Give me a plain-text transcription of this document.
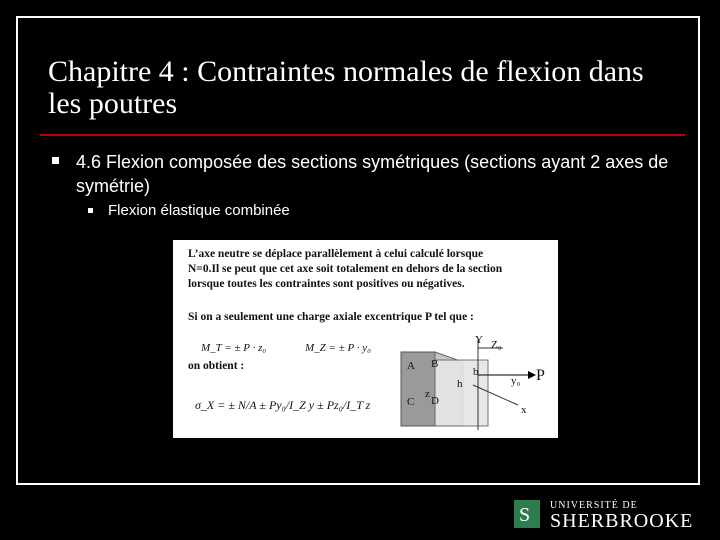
Chapitre 4 : Contraintes normales de flexion dans les poutres
4.6 Flexion composée des sections symétriques (sections ayant 2 axes de symétrie)
Flexion élastique combinée
L’axe neutre se déplace parallèlement à celui calculé lorsque
N=0.Il se peut que cet axe soit totalement en dehors de la section
lorsque toutes les contraintes sont positives ou négatives.
Si on a seulement une charge axiale excentrique P tel que :
M_T = ± P · z₀	M_Z = ± P · y₀
on obtient :
σ_X = ± N/A ± Py₀/I_Z y ± Pz₀/I_T z
A B
C D
h
b
Y Z₀
y₀ P
z
x
S UNIVERSITÉ DE
SHERBROOKE
